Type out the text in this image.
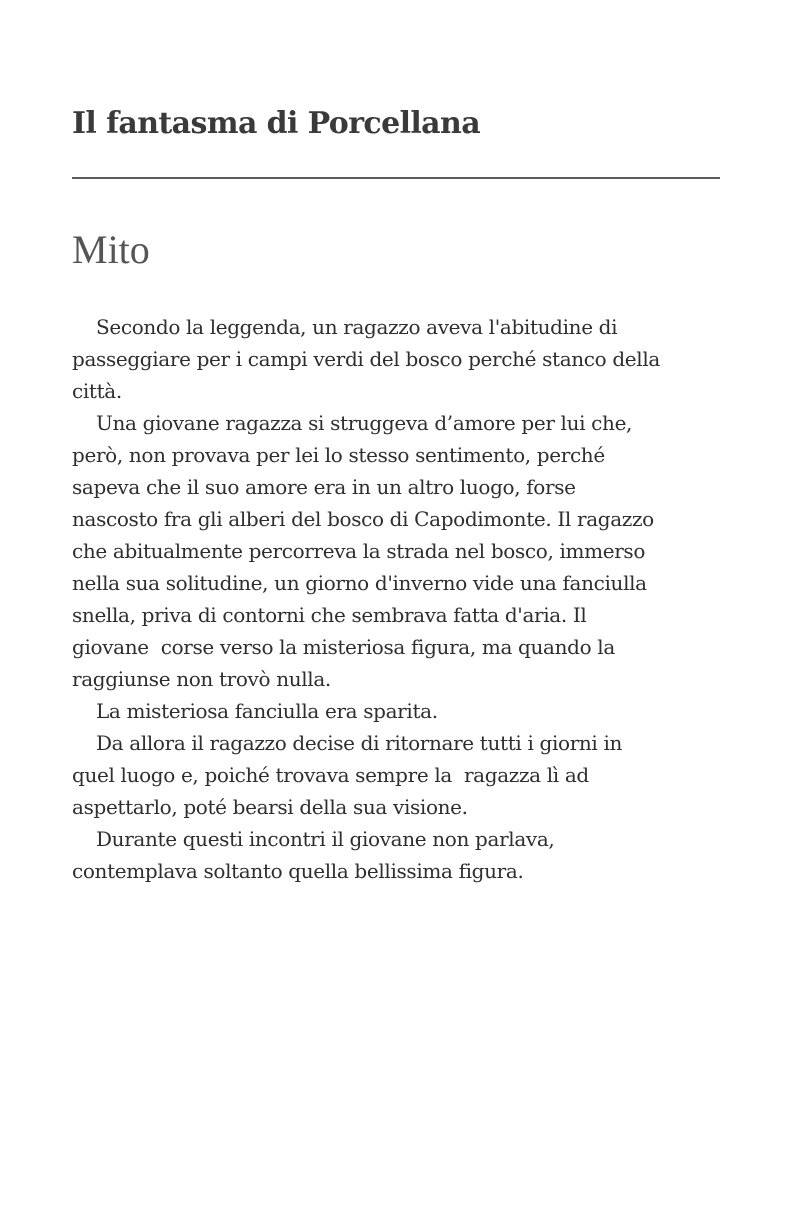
Il fantasma di Porcellana
Mito
Secondo la leggenda, un ragazzo aveva l'abitudine di
passeggiare per i campi verdi del bosco perché stanco della
città.
Una giovane ragazza si struggeva d’amore per lui che,
però, non provava per lei lo stesso sentimento, perché
sapeva che il suo amore era in un altro luogo, forse
nascosto fra gli alberi del bosco di Capodimonte. Il ragazzo
che abitualmente percorreva la strada nel bosco, immerso
nella sua solitudine, un giorno d'inverno vide una fanciulla
snella, priva di contorni che sembrava fatta d'aria. Il
giovane  corse verso la misteriosa figura, ma quando la
raggiunse non trovò nulla.
La misteriosa fanciulla era sparita.
Da allora il ragazzo decise di ritornare tutti i giorni in
quel luogo e, poiché trovava sempre la  ragazza lì ad
aspettarlo, poté bearsi della sua visione.
Durante questi incontri il giovane non parlava,
contemplava soltanto quella bellissima figura.
